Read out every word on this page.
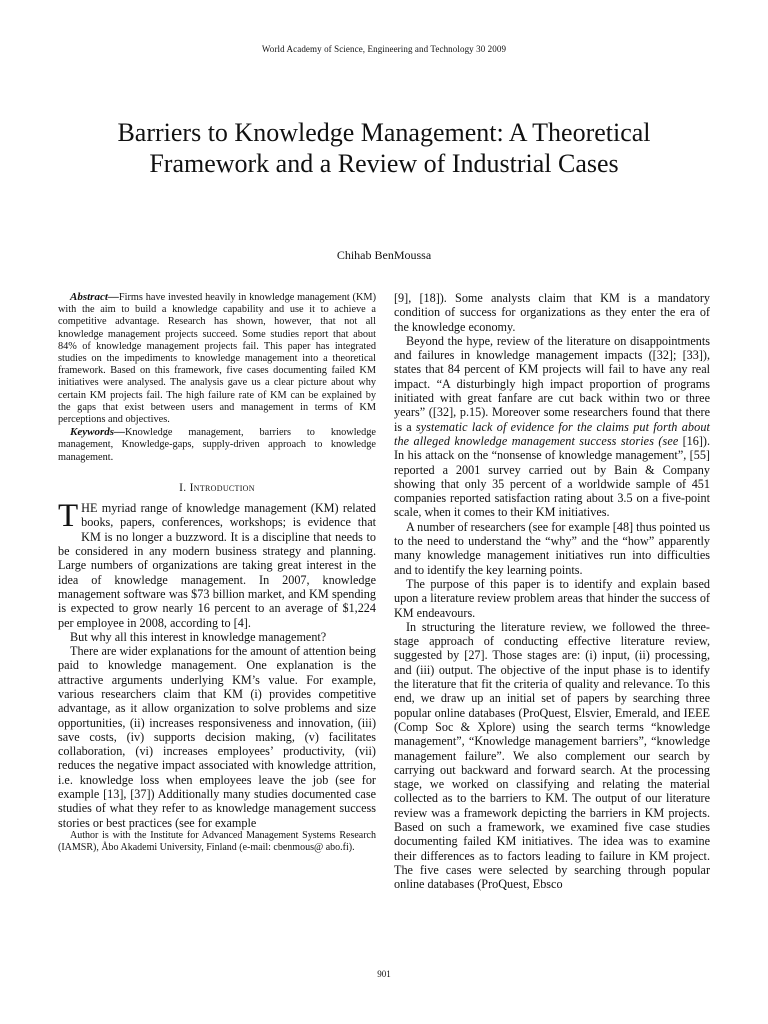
World Academy of Science, Engineering and Technology 30 2009
Barriers to Knowledge Management: A Theoretical Framework and a Review of Industrial Cases
Chihab BenMoussa

Abstract—Firms have invested heavily in knowledge management (KM) with the aim to build a knowledge capability and use it to achieve a competitive advantage. Research has shown, however, that not all knowledge management projects succeed. Some studies report that about 84% of knowledge management projects fail. This paper has integrated studies on the impediments to knowledge management into a theoretical framework. Based on this framework, five cases documenting failed KM initiatives were analysed. The analysis gave us a clear picture about why certain KM projects fail. The high failure rate of KM can be explained by the gaps that exist between users and management in terms of KM perceptions and objectives.

Keywords—Knowledge management, barriers to knowledge management, Knowledge-gaps, supply-driven approach to knowledge management.

I. Introduction

THE myriad range of knowledge management (KM) related books, papers, conferences, workshops; is evidence that KM is no longer a buzzword. It is a discipline that needs to be considered in any modern business strategy and planning. Large numbers of organizations are taking great interest in the idea of knowledge management. In 2007, knowledge management software was $73 billion market, and KM spending is expected to grow nearly 16 percent to an average of $1,224 per employee in 2008, according to [4].

But why all this interest in knowledge management?

There are wider explanations for the amount of attention being paid to knowledge management. One explanation is the attractive arguments underlying KM’s value. For example, various researchers claim that KM (i) provides competitive advantage, as it allow organization to solve problems and size opportunities, (ii) increases responsiveness and innovation, (iii) save costs, (iv) supports decision making, (v) facilitates collaboration, (vi) increases employees’ productivity, (vii) reduces the negative impact associated with knowledge attrition, i.e. knowledge loss when employees leave the job (see for example [13], [37]) Additionally many studies documented case studies of what they refer to as knowledge management success stories or best practices (see for example

Author is with the Institute for Advanced Management Systems Research (IAMSR), Åbo Akademi University, Finland (e-mail: cbenmous@ abo.fi).

[9], [18]). Some analysts claim that KM is a mandatory condition of success for organizations as they enter the era of the knowledge economy.

Beyond the hype, review of the literature on disappointments and failures in knowledge management impacts ([32]; [33]), states that 84 percent of KM projects will fail to have any real impact. “A disturbingly high impact proportion of programs initiated with great fanfare are cut back within two or three years” ([32], p.15). Moreover some researchers found that there is a systematic lack of evidence for the claims put forth about the alleged knowledge management success stories (see [16]). In his attack on the “nonsense of knowledge management”, [55] reported a 2001 survey carried out by Bain & Company showing that only 35 percent of a worldwide sample of 451 companies reported satisfaction rating about 3.5 on a five-point scale, when it comes to their KM initiatives.

A number of researchers (see for example [48] thus pointed us to the need to understand the “why” and the “how” apparently many knowledge management initiatives run into difficulties and to identify the key learning points.

The purpose of this paper is to identify and explain based upon a literature review problem areas that hinder the success of KM endeavours.

In structuring the literature review, we followed the three-stage approach of conducting effective literature review, suggested by [27]. Those stages are: (i) input, (ii) processing, and (iii) output. The objective of the input phase is to identify the literature that fit the criteria of quality and relevance. To this end, we draw up an initial set of papers by searching three popular online databases (ProQuest, Elsvier, Emerald, and IEEE (Comp Soc & Xplore) using the search terms “knowledge management”, “Knowledge management barriers”, “knowledge management failure”. We also complement our search by carrying out backward and forward search. At the processing stage, we worked on classifying and relating the material collected as to the barriers to KM. The output of our literature review was a framework depicting the barriers in KM projects. Based on such a framework, we examined five case studies documenting failed KM initiatives. The idea was to examine their differences as to factors leading to failure in KM project. The five cases were selected by searching through popular online databases (ProQuest, Ebsco

901
